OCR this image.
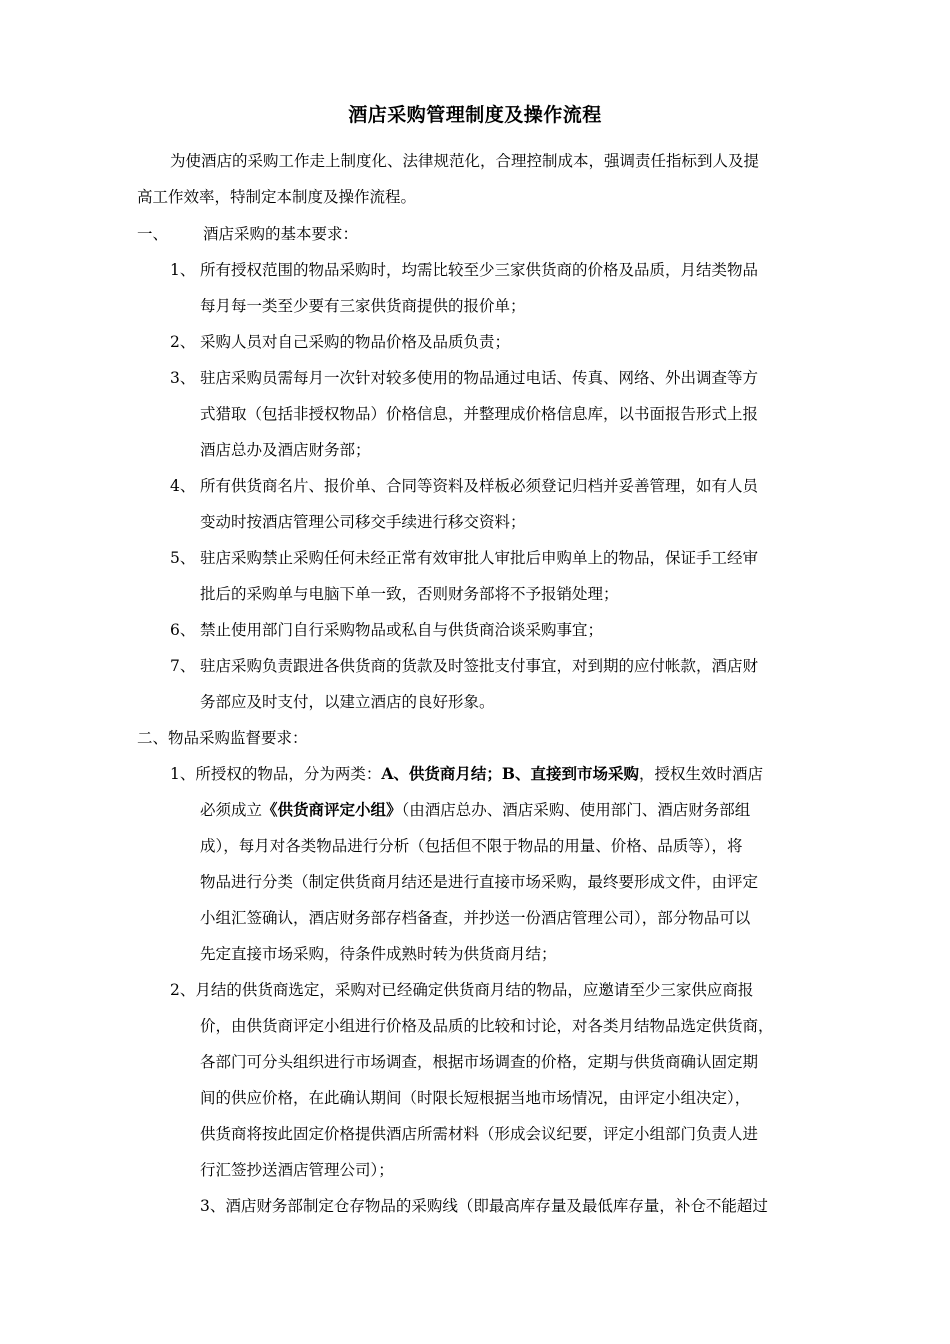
酒店采购管理制度及操作流程
为使酒店的采购工作走上制度化、法律规范化，合理控制成本，强调责任指标到人及提
高工作效率，特制定本制度及操作流程。
一、 酒店采购的基本要求：
1、 所有授权范围的物品采购时，均需比较至少三家供货商的价格及品质，月结类物品
每月每一类至少要有三家供货商提供的报价单；
2、 采购人员对自己采购的物品价格及品质负责；
3、 驻店采购员需每月一次针对较多使用的物品通过电话、传真、网络、外出调查等方
式猎取（包括非授权物品）价格信息，并整理成价格信息库，以书面报告形式上报
酒店总办及酒店财务部；
4、 所有供货商名片、报价单、合同等资料及样板必须登记归档并妥善管理，如有人员
变动时按酒店管理公司移交手续进行移交资料；
5、 驻店采购禁止采购任何未经正常有效审批人审批后申购单上的物品，保证手工经审
批后的采购单与电脑下单一致，否则财务部将不予报销处理；
6、 禁止使用部门自行采购物品或私自与供货商洽谈采购事宜；
7、 驻店采购负责跟进各供货商的货款及时签批支付事宜，对到期的应付帐款，酒店财
务部应及时支付，以建立酒店的良好形象。
二、物品采购监督要求：
1、所授权的物品，分为两类：A、供货商月结；B、直接到市场采购，授权生效时酒店
必须成立《供货商评定小组》（由酒店总办、酒店采购、使用部门、酒店财务部组
成），每月对各类物品进行分析（包括但不限于物品的用量、价格、品质等），将
物品进行分类（制定供货商月结还是进行直接市场采购，最终要形成文件，由评定
小组汇签确认，酒店财务部存档备查，并抄送一份酒店管理公司），部分物品可以
先定直接市场采购，待条件成熟时转为供货商月结；
2、月结的供货商选定，采购对已经确定供货商月结的物品，应邀请至少三家供应商报
价，由供货商评定小组进行价格及品质的比较和讨论，对各类月结物品选定供货商，
各部门可分头组织进行市场调查，根据市场调查的价格，定期与供货商确认固定期
间的供应价格，在此确认期间（时限长短根据当地市场情况，由评定小组决定），
供货商将按此固定价格提供酒店所需材料（形成会议纪要，评定小组部门负责人进
行汇签抄送酒店管理公司）；
3、酒店财务部制定仓存物品的采购线（即最高库存量及最低库存量，补仓不能超过
